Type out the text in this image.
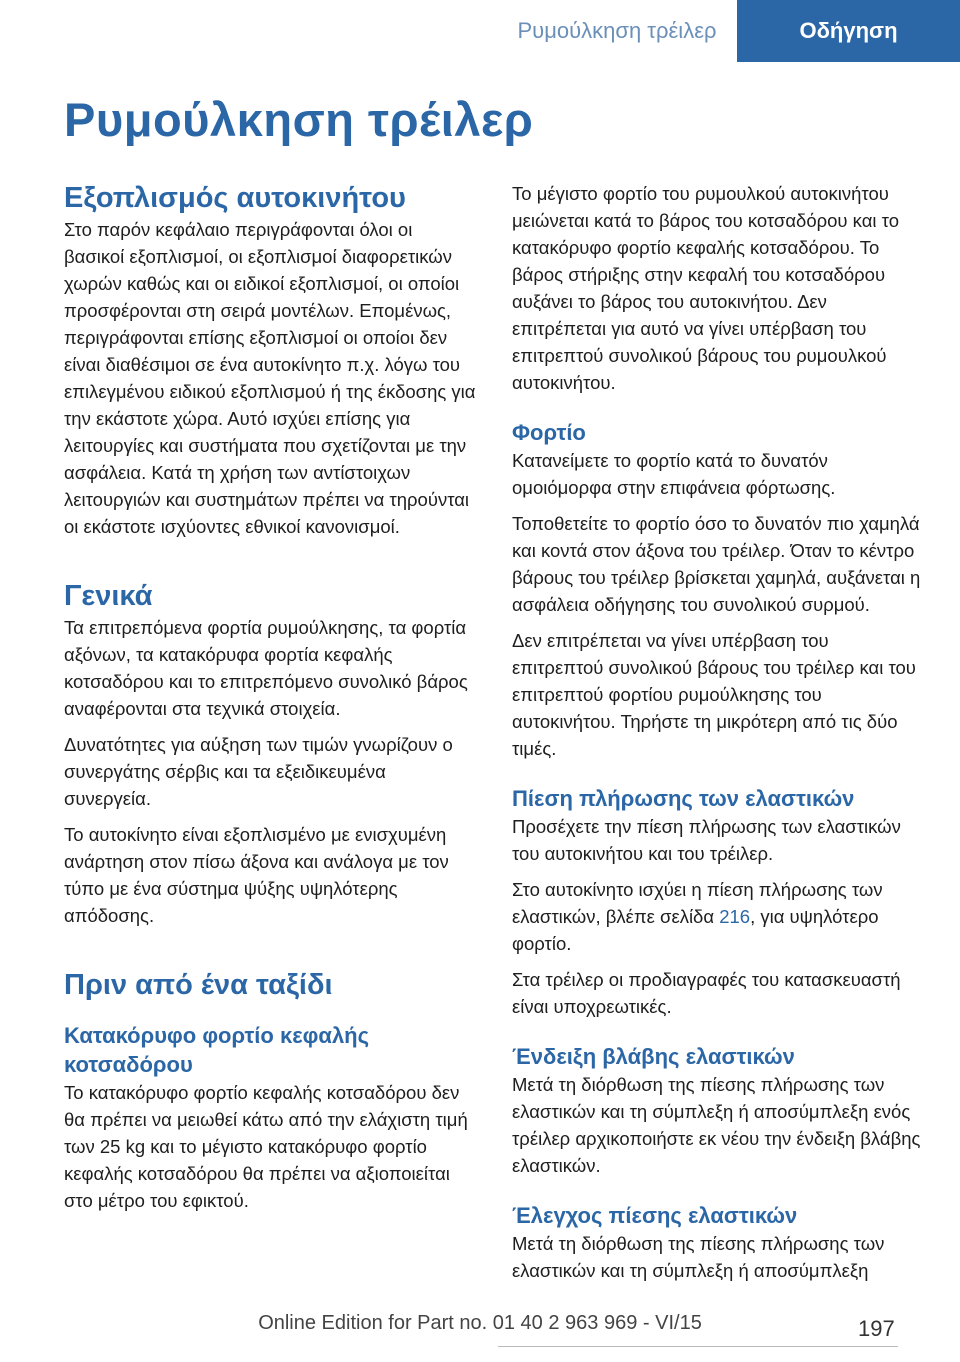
Ρυμούλκηση τρέιλερ	Οδήγηση
Ρυμούλκηση τρέιλερ
Εξοπλισμός αυτοκινήτου

Στο παρόν κεφάλαιο περιγράφονται όλοι οι βασικοί εξοπλισμοί, οι εξοπλισμοί διαφορετικών χωρών καθώς και οι ειδικοί εξοπλισμοί, οι οποίοι προσφέρονται στη σειρά μοντέλων. Επομένως, περιγράφονται επίσης εξοπλισμοί οι οποίοι δεν είναι διαθέσιμοι σε ένα αυτοκίνητο π.χ. λόγω του επιλεγμένου ειδικού εξοπλισμού ή της έκδοσης για την εκάστοτε χώρα. Αυτό ισχύει επίσης για λειτουργίες και συστήματα που σχετίζονται με την ασφάλεια. Κατά τη χρήση των αντίστοιχων λειτουργιών και συστημάτων πρέπει να τηρούνται οι εκάστοτε ισχύοντες εθνικοί κανονισμοί.

Γενικά

Τα επιτρεπόμενα φορτία ρυμούλκησης, τα φορτία αξόνων, τα κατακόρυφα φορτία κεφαλής κοτσαδόρου και το επιτρεπόμενο συνολικό βάρος αναφέρονται στα τεχνικά στοιχεία.

Δυνατότητες για αύξηση των τιμών γνωρίζουν ο συνεργάτης σέρβις και τα εξειδικευμένα συνεργεία.

Το αυτοκίνητο είναι εξοπλισμένο με ενισχυμένη ανάρτηση στον πίσω άξονα και ανάλογα με τον τύπο με ένα σύστημα ψύξης υψηλότερης απόδοσης.

Πριν από ένα ταξίδι
Κατακόρυφο φορτίο κεφαλής κοτσαδόρου

Το κατακόρυφο φορτίο κεφαλής κοτσαδόρου δεν θα πρέπει να μειωθεί κάτω από την ελάχιστη τιμή των 25 kg και το μέγιστο κατακόρυφο φορτίο κεφαλής κοτσαδόρου θα πρέπει να αξιοποιείται στο μέτρο του εφικτού.

Το μέγιστο φορτίο του ρυμουλκού αυτοκινήτου μειώνεται κατά το βάρος του κοτσαδόρου και το κατακόρυφο φορτίο κεφαλής κοτσαδόρου. Το βάρος στήριξης στην κεφαλή του κοτσαδόρου αυξάνει το βάρος του αυτοκινήτου. Δεν επιτρέπεται για αυτό να γίνει υπέρβαση του επιτρεπτού συνολικού βάρους του ρυμουλκού αυτοκινήτου.

Φορτίο

Κατανείμετε το φορτίο κατά το δυνατόν ομοιόμορφα στην επιφάνεια φόρτωσης.

Τοποθετείτε το φορτίο όσο το δυνατόν πιο χαμηλά και κοντά στον άξονα του τρέιλερ. Όταν το κέντρο βάρους του τρέιλερ βρίσκεται χαμηλά, αυξάνεται η ασφάλεια οδήγησης του συνολικού συρμού.

Δεν επιτρέπεται να γίνει υπέρβαση του επιτρεπτού συνολικού βάρους του τρέιλερ και του επιτρεπτού φορτίου ρυμούλκησης του αυτοκινήτου. Τηρήστε τη μικρότερη από τις δύο τιμές.

Πίεση πλήρωσης των ελαστικών

Προσέχετε την πίεση πλήρωσης των ελαστικών του αυτοκινήτου και του τρέιλερ.

Στο αυτοκίνητο ισχύει η πίεση πλήρωσης των ελαστικών, βλέπε σελίδα 216, για υψηλότερο φορτίο.

Στα τρέιλερ οι προδιαγραφές του κατασκευαστή είναι υποχρεωτικές.

Ένδειξη βλάβης ελαστικών

Μετά τη διόρθωση της πίεσης πλήρωσης των ελαστικών και τη σύμπλεξη ή αποσύμπλεξη ενός τρέιλερ αρχικοποιήστε εκ νέου την ένδειξη βλάβης ελαστικών.

Έλεγχος πίεσης ελαστικών

Μετά τη διόρθωση της πίεσης πλήρωσης των ελαστικών και τη σύμπλεξη ή αποσύμπλεξη

197
Online Edition for Part no. 01 40 2 963 969 - VI/15
